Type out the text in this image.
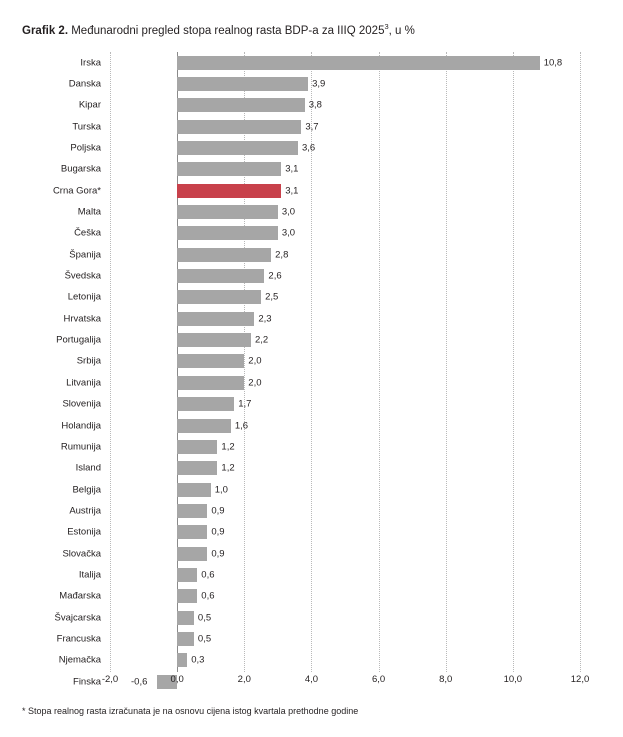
Grafik 2. Međunarodni pregled stopa realnog rasta BDP-a za IIIQ 2025$^3$, u %
Irska	10,8
Danska	3,9
Kipar	3,8
Turska	3,7
Poljska	3,6
Bugarska	3,1
Crna Gora*	3,1
Malta	3,0
Češka	3,0
Španija	2,8
Švedska	2,6
Letonija	2,5
Hrvatska	2,3
Portugalija	2,2
Srbija	2,0
Litvanija	2,0
Slovenija	1,7
Holandija	1,6
Rumunija	1,2
Island	1,2
Belgija	1,0
Austrija	0,9
Estonija	0,9
Slovačka	0,9
Italija	0,6
Mađarska	0,6
Švajcarska	0,5
Francuska	0,5
Njemačka	0,3
Finska	-0,6
-2,0	0,0	2,0	4,0	6,0	8,0	10,0	12,0
* Stopa realnog rasta izračunata je na osnovu cijena istog kvartala prethodne godine
